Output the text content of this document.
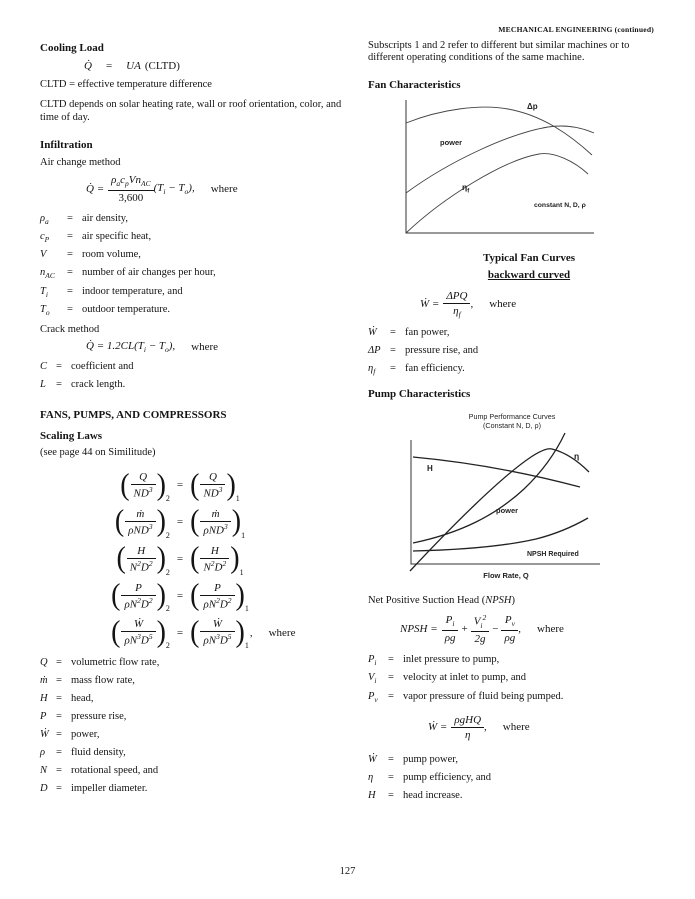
MECHANICAL ENGINEERING (continued)
Cooling Load
Q̇ = UA (CLTD)
CLTD = effective temperature difference
CLTD depends on solar heating rate, wall or roof orientation, color, and time of day.
Infiltration
Air change method
Q̇ = $\frac{\rho_ac_pVn_{AC}}{3,600} (T_i - T_o)$, where
$\rho_a$	= air density,
$c_P$	= air specific heat,
V	= room volume,
$n_{AC}$	= number of air changes per hour,
$T_i$	= indoor temperature, and
$T_o$	= outdoor temperature.
Crack method
Q̇ = $1.2CL(T_i - T_o)$, where
C = coefficient and
L = crack length.
FANS, PUMPS, AND COMPRESSORS
Scaling Laws
(see page 44 on Similitude)
( $\frac{Q}{ND^3}$ ) 2
= ( $\frac{Q}{ND^3}$ ) 1
( $\frac{\text{ṁ}}{\rho ND^3}$ ) 2
= ( $\frac{\text{ṁ}}{\rho ND^3}$ ) 1
( $\frac{H}{N^2D^2}$ ) 2
= ( $\frac{H}{N^2D^2}$ ) 1
( $\frac{P}{\rho N^2D^2}$ ) 2
= ( $\frac{P}{\rho N^2D^2}$ ) 1
( $\frac{\text{Ẇ}}{\rho N^3D^5}$ ) 2
= ( $\frac{\text{Ẇ}}{\rho N^3D^5}$ ) 1
, where
Q = volumetric flow rate,
ṁ = mass flow rate,
H = head,
P = pressure rise,
Ẇ = power,
ρ	= fluid density,
N = rotational speed, and
D = impeller diameter.
Subscripts 1 and 2 refer to different but similar machines or to different operating conditions of the same machine.
Fan Characteristics
Δp
power
$\eta_f$
constant N, D, ρ
Typical Fan Curves
backward curved
Ẇ = $\frac{\text{ΔPQ}}{\eta_f}$ , where
Ẇ	= fan power,
ΔP = pressure rise, and
$\eta_f$	= fan efficiency.
Pump Characteristics
Pump Performance Curves
(Constant N, D, ρ)
H
η
power
NPSH Required
Flow Rate, Q
Net Positive Suction Head (NPSH)
NPSH = $\frac{P_i}{\rho g} + \frac{V_i^2}{2g} - \frac{P_v}{\rho g}$ , where
$P_i$	= inlet pressure to pump,
$V_i$	= velocity at inlet to pump, and
$P_v$ = vapor pressure of fluid being pumped.
Ẇ = $\frac{\text{ρgHQ}}{\eta}$ , where
Ẇ	= pump power,
η	= pump efficiency, and
H	= head increase.
127
